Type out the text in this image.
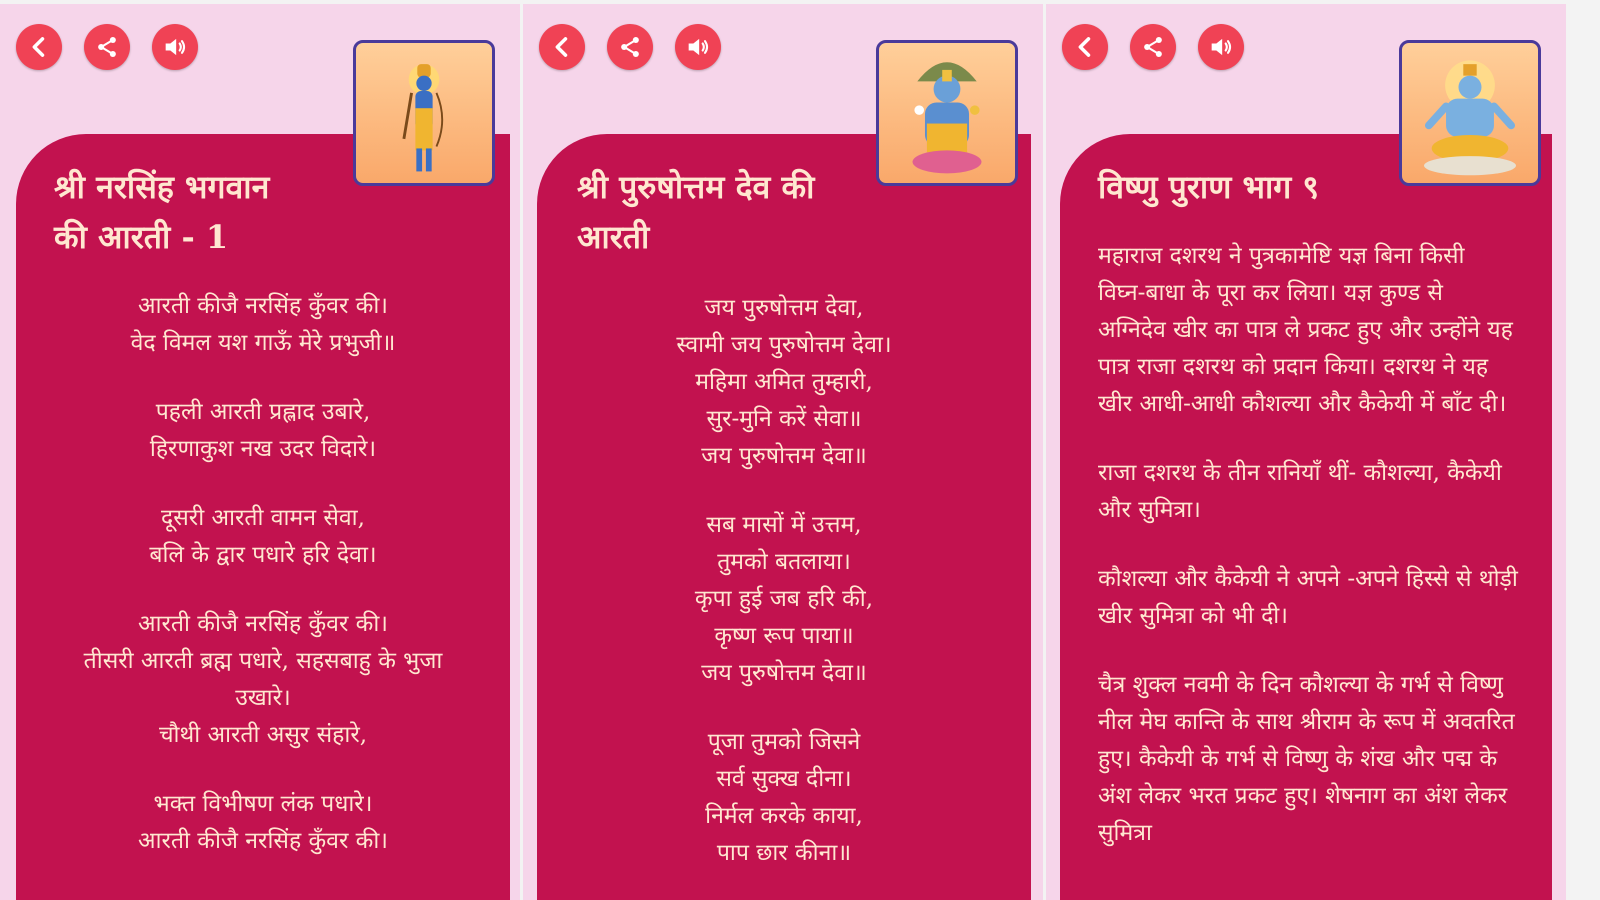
श्री नरसिंह भगवान
की आरती - 1
आरती कीजै नरसिंह कुँवर की।
वेद विमल यश गाऊँ मेरे प्रभुजी॥
पहली आरती प्रह्लाद उबारे,
हिरणाकुश नख उदर विदारे।
दूसरी आरती वामन सेवा,
बलि के द्वार पधारे हरि देवा।
आरती कीजै नरसिंह कुँवर की।
तीसरी आरती ब्रह्म पधारे, सहसबाहु के भुजा
उखारे।
चौथी आरती असुर संहारे,
भक्त विभीषण लंक पधारे।
आरती कीजै नरसिंह कुँवर की।
श्री पुरुषोत्तम देव की
आरती
जय पुरुषोत्तम देवा,
स्वामी जय पुरुषोत्तम देवा।
महिमा अमित तुम्हारी,
सुर-मुनि करें सेवा॥
जय पुरुषोत्तम देवा॥
सब मासों में उत्तम,
तुमको बतलाया।
कृपा हुई जब हरि की,
कृष्ण रूप पाया॥
जय पुरुषोत्तम देवा॥
पूजा तुमको जिसने
सर्व सुक्ख दीना।
निर्मल करके काया,
पाप छार कीना॥
विष्णु पुराण भाग ९
महाराज दशरथ ने पुत्रकामेष्टि यज्ञ बिना किसी विघ्न-बाधा के पूरा कर लिया। यज्ञ कुण्ड से अग्निदेव खीर का पात्र ले प्रकट हुए और उन्होंने यह पात्र राजा दशरथ को प्रदान किया। दशरथ ने यह खीर आधी-आधी कौशल्या और कैकेयी में बाँट दी।
राजा दशरथ के तीन रानियाँ थीं- कौशल्या, कैकेयी और सुमित्रा।
कौशल्या और कैकेयी ने अपने -अपने हिस्से से थोड़ी खीर सुमित्रा को भी दी।
चैत्र शुक्ल नवमी के दिन कौशल्या के गर्भ से विष्णु नील मेघ कान्ति के साथ श्रीराम के रूप में अवतरित हुए। कैकेयी के गर्भ से विष्णु के शंख और पद्म के अंश लेकर भरत प्रकट हुए। शेषनाग का अंश लेकर सुमित्रा
